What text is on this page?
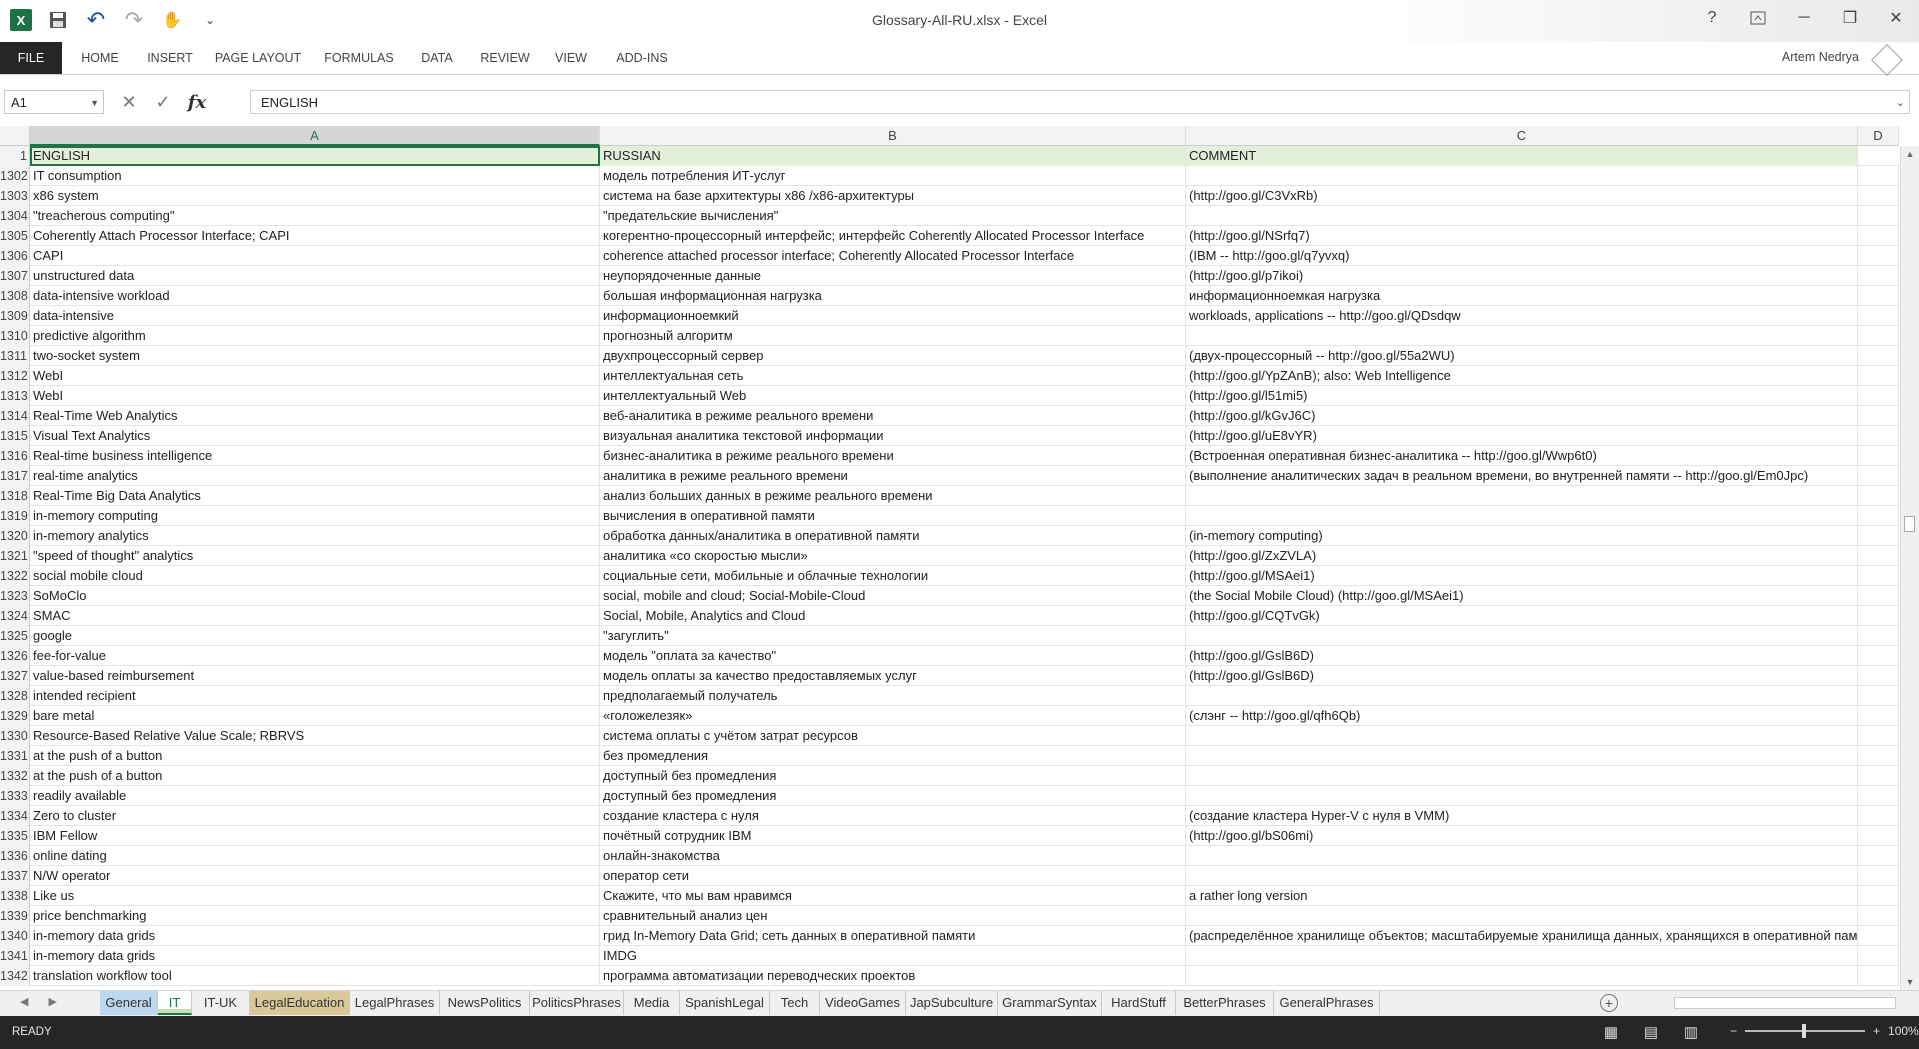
X	↶ ↷ ✋	⌄	Glossary-All-RU.xlsx - Excel	?	─	❐	✕
FILE	HOME	INSERT	PAGE LAYOUT	FORMULAS	DATA	REVIEW	VIEW	ADD-INS	Artem Nedrya
A1	▼	✕	✓ fx	ENGLISH	⌄
A	B	C	D
1 ENGLISH	RUSSIAN	COMMENT
1302 IT consumption	модель потребления ИТ-услуг
1303 x86 system	система на базе архитектуры x86 /x86-архитектуры	(http://goo.gl/C3VxRb)
1304 "treacherous computing"	"предательские вычисления"
1305 Coherently Attach Processor Interface; CAPI	когерентно-процессорный интерфейс; интерфейс Coherently Allocated Processor Interface	(http://goo.gl/NSrfq7)
1306 CAPI	coherence attached processor interface; Coherently Allocated Processor Interface	(IBM -- http://goo.gl/q7yvxq)
1307 unstructured data	неупорядоченные данные	(http://goo.gl/p7ikoi)
1308 data-intensive workload	большая информационная нагрузка	информационноемкая нагрузка
1309 data-intensive	информационноемкий	workloads, applications -- http://goo.gl/QDsdqw
1310 predictive algorithm	прогнозный алгоритм
1311 two-socket system	двухпроцессорный сервер	(двух-процессорный -- http://goo.gl/55a2WU)
1312 WebI	интеллектуальная сеть	(http://goo.gl/YpZAnB); also: Web Intelligence
1313 WebI	интеллектуальный Web	(http://goo.gl/l51mi5)
1314 Real-Time Web Analytics	веб-аналитика в режиме реального времени	(http://goo.gl/kGvJ6C)
1315 Visual Text Analytics	визуальная аналитика текстовой информации	(http://goo.gl/uE8vYR)
1316 Real-time business intelligence	бизнес-аналитика в режиме реального времени	(Встроенная оперативная бизнес-аналитика -- http://goo.gl/Wwp6t0)
1317 real-time analytics	аналитика в режиме реального времени	(выполнение аналитических задач в реальном времени, во внутренней памяти -- http://goo.gl/Em0Jpc)
1318 Real-Time Big Data Analytics	анализ больших данных в режиме реального времени
1319 in-memory computing	вычисления в оперативной памяти
1320 in-memory analytics	обработка данных/аналитика в оперативной памяти	(in-memory computing)
1321 "speed of thought" analytics	аналитика «со скоростью мысли»	(http://goo.gl/ZxZVLA)
1322 social mobile cloud	социальные сети, мобильные и облачные технологии	(http://goo.gl/MSAei1)
1323 SoMoClo	social, mobile and cloud; Social-Mobile-Cloud	(the Social Mobile Cloud) (http://goo.gl/MSAei1)
1324 SMAC	Social, Mobile, Analytics and Cloud	(http://goo.gl/CQTvGk)
1325 google	"загуглить"
1326 fee-for-value	модель "оплата за качество"	(http://goo.gl/GslB6D)
1327 value-based reimbursement	модель оплаты за качество предоставляемых услуг	(http://goo.gl/GslB6D)
1328 intended recipient	предполагаемый получатель
1329 bare metal	«голожелезяк»	(слэнг -- http://goo.gl/qfh6Qb)
1330 Resource-Based Relative Value Scale; RBRVS	система оплаты с учётом затрат ресурсов
1331 at the push of a button	без промедления
1332 at the push of a button	доступный без промедления
1333 readily available	доступный без промедления
1334 Zero to cluster	создание кластера с нуля	(создание кластера Hyper-V с нуля в VMM)
1335 IBM Fellow	почётный сотрудник IBM	(http://goo.gl/bS06mi)
1336 online dating	онлайн-знакомства
1337 N/W operator	оператор сети
1338 Like us	Скажите, что мы вам нравимся	a rather long version
1339 price benchmarking	сравнительный анализ цен
1340 in-memory data grids	грид In-Memory Data Grid; сеть данных в оперативной памяти	(распределённое хранилище объектов; масштабируемые хранилища данных, хранящихся в оперативной пам
1341 in-memory data grids	IMDG
1342 translation workflow tool	программа автоматизации переводческих проектов
▲
▼
◀ ▶	General	IT	IT-UK	LegalEducation LegalPhrases	NewsPolitics PoliticsPhrases Media	SpanishLegal	Tech	VideoGames JapSubculture GrammarSyntax	HardStuff	BetterPhrases	GeneralPhrases	+
READY	▦ ▤ ▥	−	+ 100%
